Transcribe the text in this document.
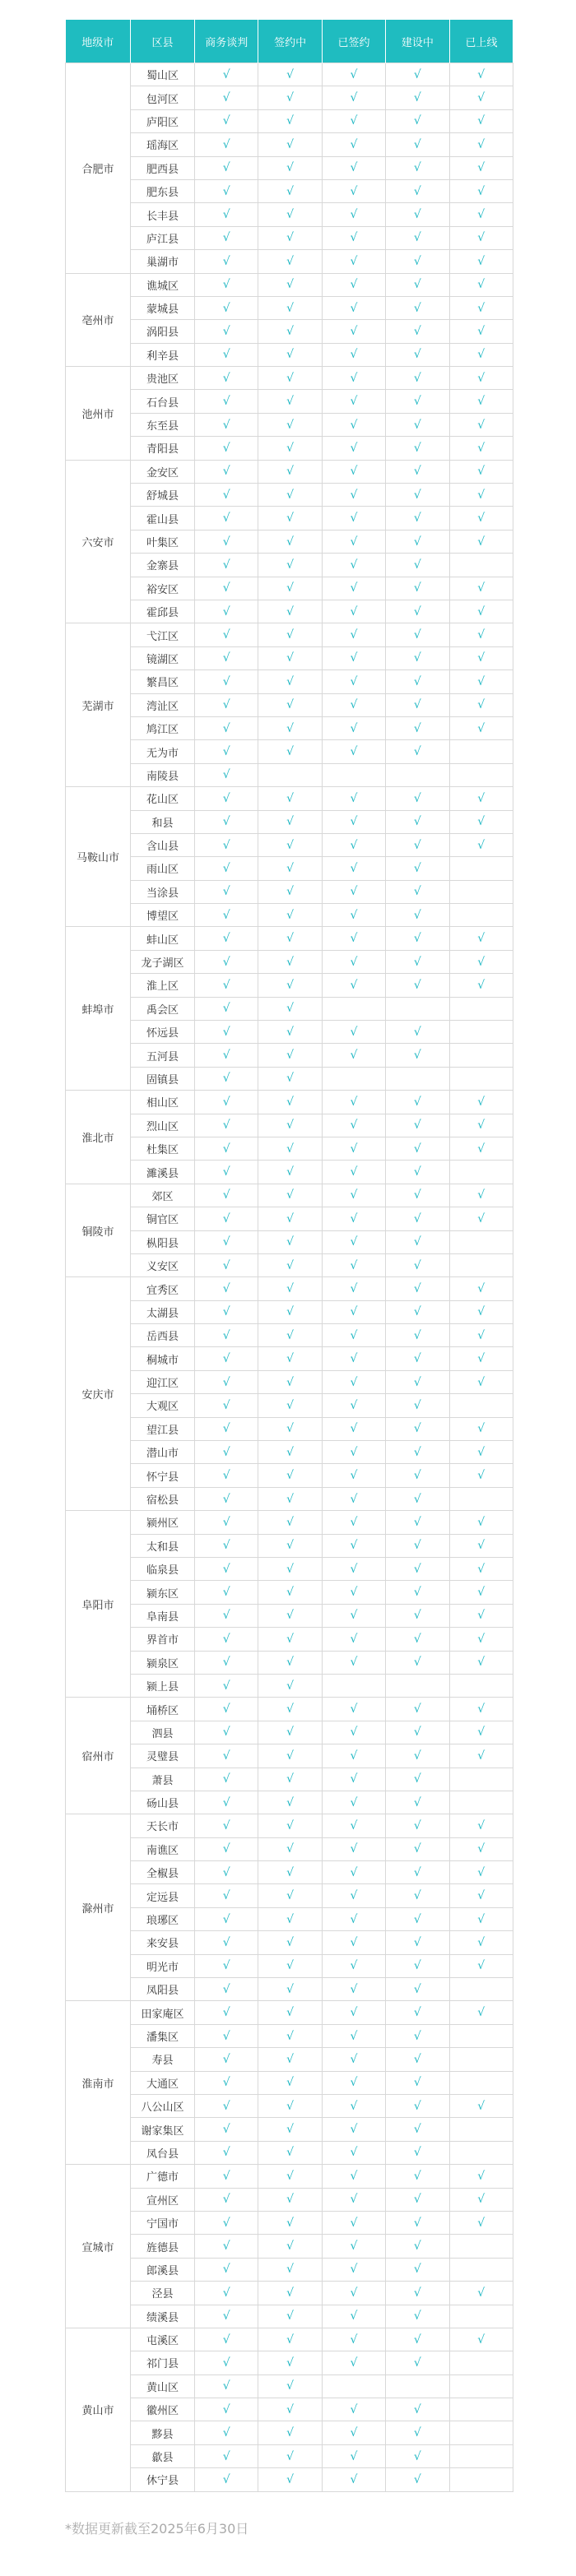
地级市	区县	商务谈判	签约中	已签约	建设中	已上线
合肥市	蜀山区	√	√	√	√	√
	包河区	√	√	√	√	√
	庐阳区	√	√	√	√	√
	瑶海区	√	√	√	√	√
	肥西县	√	√	√	√	√
	肥东县	√	√	√	√	√
	长丰县	√	√	√	√	√
	庐江县	√	√	√	√	√
	巢湖市	√	√	√	√	√
亳州市	谯城区	√	√	√	√	√
	蒙城县	√	√	√	√	√
	涡阳县	√	√	√	√	√
	利辛县	√	√	√	√	√
池州市	贵池区	√	√	√	√	√
	石台县	√	√	√	√	√
	东至县	√	√	√	√	√
	青阳县	√	√	√	√	√
六安市	金安区	√	√	√	√	√
	舒城县	√	√	√	√	√
	霍山县	√	√	√	√	√
	叶集区	√	√	√	√	√
	金寨县	√	√	√	√	
	裕安区	√	√	√	√	√
	霍邱县	√	√	√	√	√
芜湖市	弋江区	√	√	√	√	√
	镜湖区	√	√	√	√	√
	繁昌区	√	√	√	√	√
	湾沚区	√	√	√	√	√
	鸠江区	√	√	√	√	√
	无为市	√	√	√	√	
	南陵县	√				
马鞍山市	花山区	√	√	√	√	√
	和县	√	√	√	√	√
	含山县	√	√	√	√	√
	雨山区	√	√	√	√	
	当涂县	√	√	√	√	
	博望区	√	√	√	√	
蚌埠市	蚌山区	√	√	√	√	√
	龙子湖区	√	√	√	√	√
	淮上区	√	√	√	√	√
	禹会区	√	√			
	怀远县	√	√	√	√	
	五河县	√	√	√	√	
	固镇县	√	√			
淮北市	相山区	√	√	√	√	√
	烈山区	√	√	√	√	√
	杜集区	√	√	√	√	√
	濉溪县	√	√	√	√	
铜陵市	郊区	√	√	√	√	√
	铜官区	√	√	√	√	√
	枞阳县	√	√	√	√	
	义安区	√	√	√	√	
安庆市	宜秀区	√	√	√	√	√
	太湖县	√	√	√	√	√
	岳西县	√	√	√	√	√
	桐城市	√	√	√	√	√
	迎江区	√	√	√	√	√
	大观区	√	√	√	√	
	望江县	√	√	√	√	√
	潜山市	√	√	√	√	√
	怀宁县	√	√	√	√	√
	宿松县	√	√	√	√	
阜阳市	颍州区	√	√	√	√	√
	太和县	√	√	√	√	√
	临泉县	√	√	√	√	√
	颍东区	√	√	√	√	√
	阜南县	√	√	√	√	√
	界首市	√	√	√	√	√
	颍泉区	√	√	√	√	√
	颍上县	√	√			
宿州市	埇桥区	√	√	√	√	√
	泗县	√	√	√	√	√
	灵璧县	√	√	√	√	√
	萧县	√	√	√	√	
	砀山县	√	√	√	√	
滁州市	天长市	√	√	√	√	√
	南谯区	√	√	√	√	√
	全椒县	√	√	√	√	√
	定远县	√	√	√	√	√
	琅琊区	√	√	√	√	√
	来安县	√	√	√	√	√
	明光市	√	√	√	√	√
	凤阳县	√	√	√	√	
淮南市	田家庵区	√	√	√	√	√
	潘集区	√	√	√	√	
	寿县	√	√	√	√	
	大通区	√	√	√	√	
	八公山区	√	√	√	√	√
	谢家集区	√	√	√	√	
	凤台县	√	√	√	√	
宣城市	广德市	√	√	√	√	√
	宣州区	√	√	√	√	√
	宁国市	√	√	√	√	√
	旌德县	√	√	√	√	
	郎溪县	√	√	√	√	
	泾县	√	√	√	√	√
	绩溪县	√	√	√	√	
黄山市	屯溪区	√	√	√	√	√
	祁门县	√	√	√	√	
	黄山区	√	√			
	徽州区	√	√	√	√	
	黟县	√	√	√	√	
	歙县	√	√	√	√	
	休宁县	√	√	√	√	
*数据更新截至2025年6月30日
